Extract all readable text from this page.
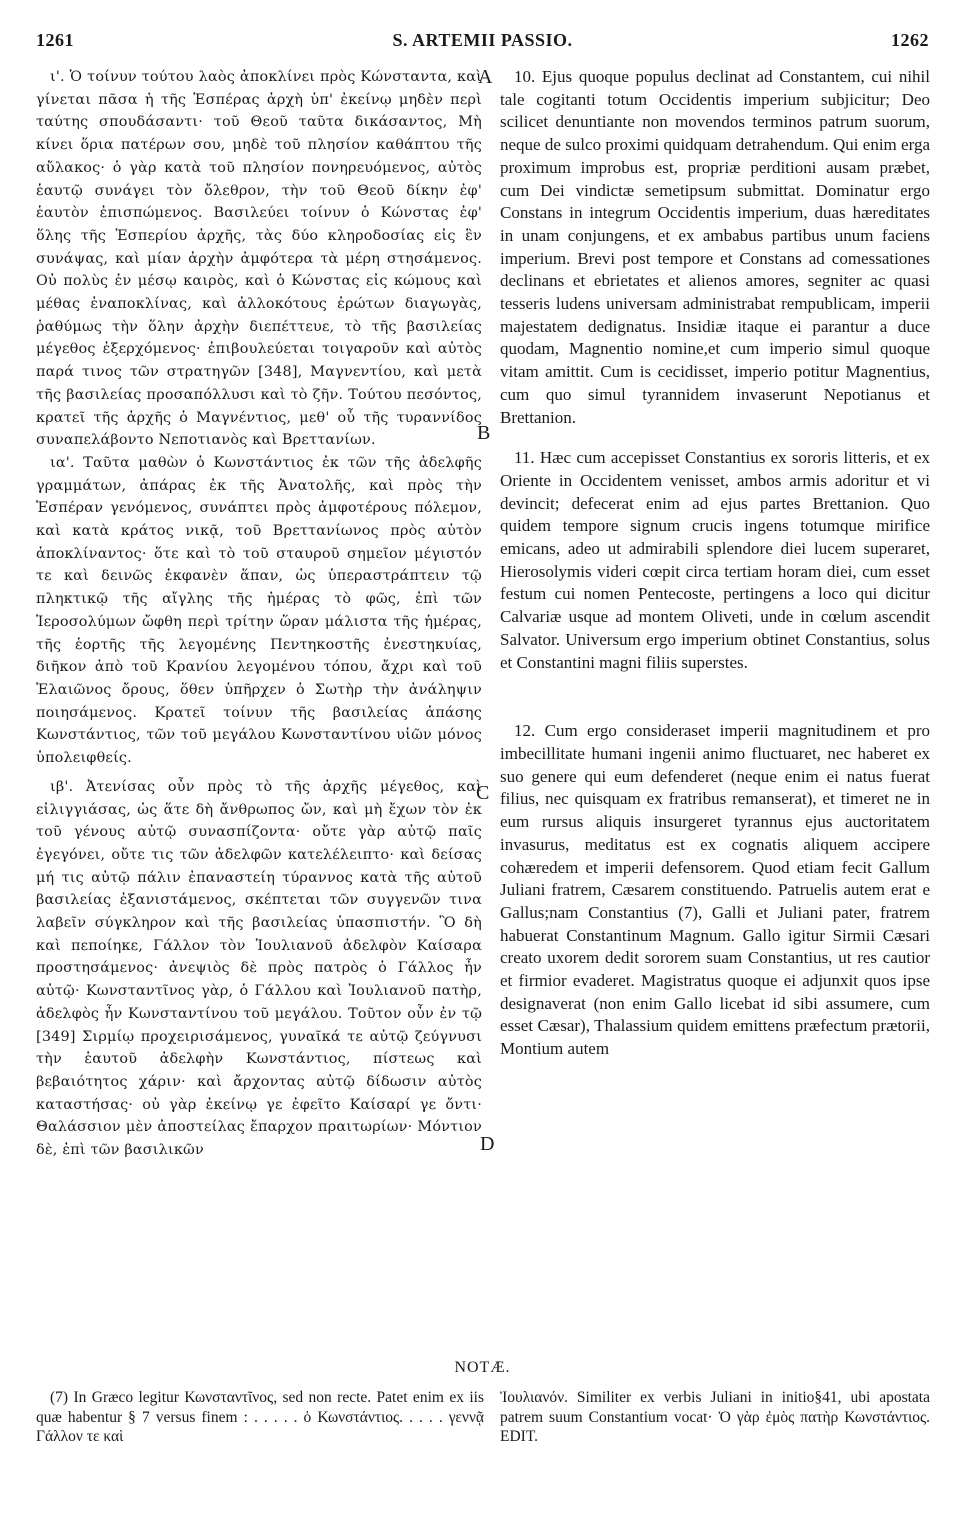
1261	S. ARTEMII PASSIO.	1262

ι'. Ὁ τοίνυν τούτου λαὸς ἀποκλίνει πρὸς Κώνσταντα, καὶ γίνεται πᾶσα ἡ τῆς Ἑσπέρας ἀρχὴ ὑπ' ἐκείνῳ μηδὲν περὶ ταύτης σπουδάσαντι· τοῦ Θεοῦ ταῦτα δικάσαντος, Μὴ κίνει ὅρια πατέρων σου, μηδὲ τοῦ πλησίον καθάπτου τῆς αὔλακος· ὁ γὰρ κατὰ τοῦ πλησίον πονηρευόμενος, αὐτὸς ἑαυτῷ συνάγει τὸν ὄλεθρον, τὴν τοῦ Θεοῦ δίκην ἐφ' ἑαυτὸν ἐπισπώμενος. Βασιλεύει τοίνυν ὁ Κώνστας ἐφ' ὅλης τῆς Ἑσπερίου ἀρχῆς, τὰς δύο κληροδοσίας εἰς ἓν συνάψας, καὶ μίαν ἀρχὴν ἀμφότερα τὰ μέρη στησάμενος. Οὐ πολὺς ἐν μέσῳ καιρὸς, καὶ ὁ Κώνστας εἰς κώμους καὶ μέθας ἐναποκλίνας, καὶ ἀλλοκότους ἐρώτων διαγωγὰς, ῥαθύμως τὴν ὅλην ἀρχὴν διεπέττευε, τὸ τῆς βασιλείας μέγεθος ἐξερχόμενος· ἐπιβουλεύεται τοιγαροῦν καὶ αὐτὸς παρά τινος τῶν στρατηγῶν [348], Μαγνεντίου, καὶ μετὰ τῆς βασιλείας προσαπόλλυσι καὶ τὸ ζῆν. Τούτου πεσόντος, κρατεῖ τῆς ἀρχῆς ὁ Μαγνέντιος, μεθ' οὗ τῆς τυραννίδος συναπελάβοντο Νεποτιανὸς καὶ Βρεττανίων.

ια'. Ταῦτα μαθὼν ὁ Κωνστάντιος ἐκ τῶν τῆς ἀδελφῆς γραμμάτων, ἀπάρας ἐκ τῆς Ἀνατολῆς, καὶ πρὸς τὴν Ἑσπέραν γενόμενος, συνάπτει πρὸς ἀμφοτέρους πόλεμον, καὶ κατὰ κράτος νικᾷ, τοῦ Βρεττανίωνος πρὸς αὐτὸν ἀποκλίναντος· ὅτε καὶ τὸ τοῦ σταυροῦ σημεῖον μέγιστόν τε καὶ δεινῶς ἐκφανὲν ἅπαν, ὡς ὑπεραστράπτειν τῷ πληκτικῷ τῆς αἴγλης τῆς ἡμέρας τὸ φῶς, ἐπὶ τῶν Ἱεροσολύμων ὤφθη περὶ τρίτην ὥραν μάλιστα τῆς ἡμέρας, τῆς ἑορτῆς τῆς λεγομένης Πεντηκοστῆς ἐνεστηκυίας, διῆκον ἀπὸ τοῦ Κρανίου λεγομένου τόπου, ἄχρι καὶ τοῦ Ἐλαιῶνος ὄρους, ὅθεν ὑπῆρχεν ὁ Σωτὴρ τὴν ἀνάληψιν ποιησάμενος. Κρατεῖ τοίνυν τῆς βασιλείας ἁπάσης Κωνστάντιος, τῶν τοῦ μεγάλου Κωνσταντίνου υἱῶν μόνος ὑπολειφθείς.

ιβ'. Ἀτενίσας οὖν πρὸς τὸ τῆς ἀρχῆς μέγεθος, καὶ εἰλιγγιάσας, ὡς ἅτε δὴ ἄνθρωπος ὤν, καὶ μὴ ἔχων τὸν ἐκ τοῦ γένους αὐτῷ συνασπίζοντα· οὔτε γὰρ αὐτῷ παῖς ἐγεγόνει, οὔτε τις τῶν ἀδελφῶν κατελέλειπτο· καὶ δείσας μή τις αὐτῷ πάλιν ἐπαναστείη τύραννος κατὰ τῆς αὐτοῦ βασιλείας ἐξανιστάμενος, σκέπτεται τῶν συγγενῶν τινα λαβεῖν σύγκληρον καὶ τῆς βασιλείας ὑπασπιστήν. Ὃ δὴ καὶ πεποίηκε, Γάλλον τὸν Ἰουλιανοῦ ἀδελφὸν Καίσαρα προστησάμενος· ἀνεψιὸς δὲ πρὸς πατρὸς ὁ Γάλλος ἦν αὐτῷ· Κωνσταντῖνος γὰρ, ὁ Γάλλου καὶ Ἰουλιανοῦ πατὴρ, ἀδελφὸς ἦν Κωνσταντίνου τοῦ μεγάλου. Τοῦτον οὖν ἐν τῷ [349] Σιρμίῳ προχειρισάμενος, γυναῖκά τε αὐτῷ ζεύγνυσι τὴν ἑαυτοῦ ἀδελφὴν Κωνστάντιος, πίστεως καὶ βεβαιότητος χάριν· καὶ ἄρχοντας αὐτῷ δίδωσιν αὐτὸς καταστήσας· οὐ γὰρ ἐκείνῳ γε ἐφεῖτο Καίσαρί γε ὄντι· Θαλάσσιον μὲν ἀποστείλας ἔπαρχον πραιτωρίων· Μόντιον δὲ, ἐπὶ τῶν βασιλικῶν

A
B
C
D

10. Ejus quoque populus declinat ad Constantem, cui nihil tale cogitanti totum Occidentis imperium subjicitur; Deo scilicet denuntiante non movendos terminos patrum suorum, neque de sulco proximi quidquam detrahendum. Qui enim erga proximum improbus est, propriæ perditioni ausam præbet, cum Dei vindictæ semetipsum submittat. Dominatur ergo Constans in integrum Occidentis imperium, duas hæreditates in unam conjungens, et ex ambabus partibus unum faciens imperium. Brevi post tempore et Constans ad comessationes declinans et ebrietates et alienos amores, segniter ac quasi tesseris ludens universam administrabat rempublicam, imperii majestatem dedignatus. Insidiæ itaque ei parantur a duce quodam, Magnentio nomine,et cum imperio simul quoque vitam amittit. Cum is cecidisset, imperio potitur Magnentius, cum quo simul tyrannidem invaserunt Nepotianus et Brettanion.

11. Hæc cum accepisset Constantius ex sororis litteris, et ex Oriente in Occidentem venisset, ambos armis adoritur et vi devincit; defecerat enim ad ejus partes Brettanion. Quo quidem tempore signum crucis ingens totumque mirifice emicans, adeo ut admirabili splendore diei lucem superaret, Hierosolymis videri cœpit circa tertiam horam diei, cum esset festum cui nomen Pentecoste, pertingens a loco qui dicitur Calvariæ usque ad montem Oliveti, unde in cœlum ascendit Salvator. Universum ergo imperium obtinet Constantius, solus et Constantini magni filiis superstes.

12. Cum ergo consideraset imperii magnitudinem et pro imbecillitate humani ingenii animo fluctuaret, nec haberet ex suo genere qui eum defenderet (neque enim ei natus fuerat filius, nec quisquam ex fratribus remanserat), et timeret ne in eum rursus aliquis insurgeret tyrannus ejus auctoritatem invasurus, meditatus est ex cognatis aliquem accipere cohæredem et imperii defensorem. Quod etiam fecit Gallum Juliani fratrem, Cæsarem constituendo. Patruelis autem erat e Gallus;nam Constantius (7), Galli et Juliani pater, fratrem habuerat Constantinum Magnum. Gallo igitur Sirmii Cæsari creato uxorem dedit sororem suam Constantius, ut res cautior et firmior evaderet. Magistratus quoque ei adjunxit quos ipse designaverat (non enim Gallo licebat id sibi assumere, cum esset Cæsar), Thalassium quidem emittens præfectum prætorii, Montium autem

NOTÆ.

(7) In Græco legitur Κωνσταντῖνος, sed non recte. Patet enim ex iis quæ habentur § 7 versus finem : . . . . . ὁ Κωνστάντιος. . . . . γεννᾷ Γάλλον τε καὶ

Ἰουλιανόν. Similiter ex verbis Juliani in initio§41, ubi apostata patrem suum Constantium vocat· Ὁ γὰρ ἐμὸς πατὴρ Κωνστάντιος. EDIT.
